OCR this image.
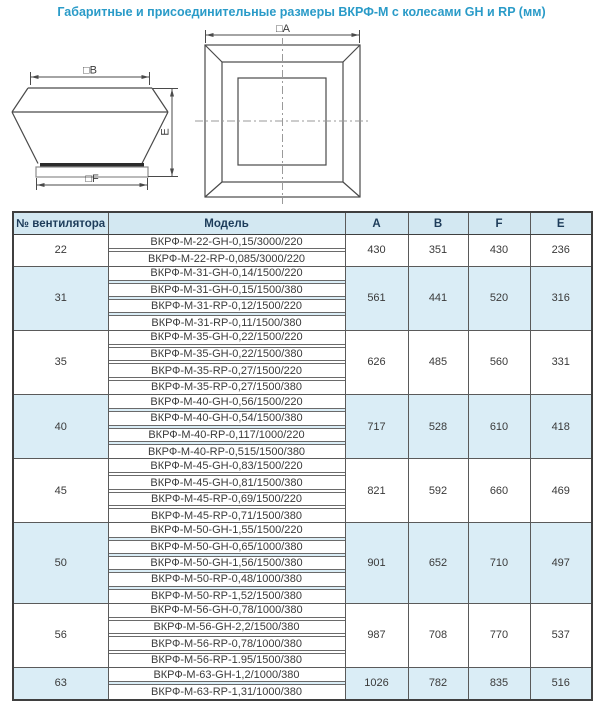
Габаритные и присоединительные размеры ВКРФ-М с колесами GH и RP (мм)
□B
□F
E
□A
№ вентилятора	Модель	A	B	F	E
22	ВКРФ-М-22-GH-0,15/3000/220
ВКРФ-М-22-RP-0,085/3000/220	430	351	430	236
31	ВКРФ-М-31-GH-0,14/1500/220
ВКРФ-М-31-GH-0,15/1500/380
ВКРФ-М-31-RP-0,12/1500/220
ВКРФ-М-31-RP-0,11/1500/380	561	441	520	316
35	ВКРФ-М-35-GH-0,22/1500/220
ВКРФ-М-35-GH-0,22/1500/380
ВКРФ-М-35-RP-0,27/1500/220
ВКРФ-М-35-RP-0,27/1500/380	626	485	560	331
40	ВКРФ-М-40-GH-0,56/1500/220
ВКРФ-М-40-GH-0,54/1500/380
ВКРФ-М-40-RP-0,117/1000/220
ВКРФ-М-40-RP-0,515/1500/380	717	528	610	418
45	ВКРФ-М-45-GH-0,83/1500/220
ВКРФ-М-45-GH-0,81/1500/380
ВКРФ-М-45-RP-0,69/1500/220
ВКРФ-М-45-RP-0,71/1500/380	821	592	660	469
50	ВКРФ-М-50-GH-1,55/1500/220
ВКРФ-М-50-GH-0,65/1000/380
ВКРФ-М-50-GH-1,56/1500/380
ВКРФ-М-50-RP-0,48/1000/380
ВКРФ-М-50-RP-1,52/1500/380	901	652	710	497
56	ВКРФ-М-56-GH-0,78/1000/380
ВКРФ-М-56-GH-2,2/1500/380
ВКРФ-М-56-RP-0,78/1000/380
ВКРФ-М-56-RP-1.95/1500/380	987	708	770	537
63	ВКРФ-М-63-GH-1,2/1000/380
ВКРФ-М-63-RP-1,31/1000/380	1026	782	835	516
